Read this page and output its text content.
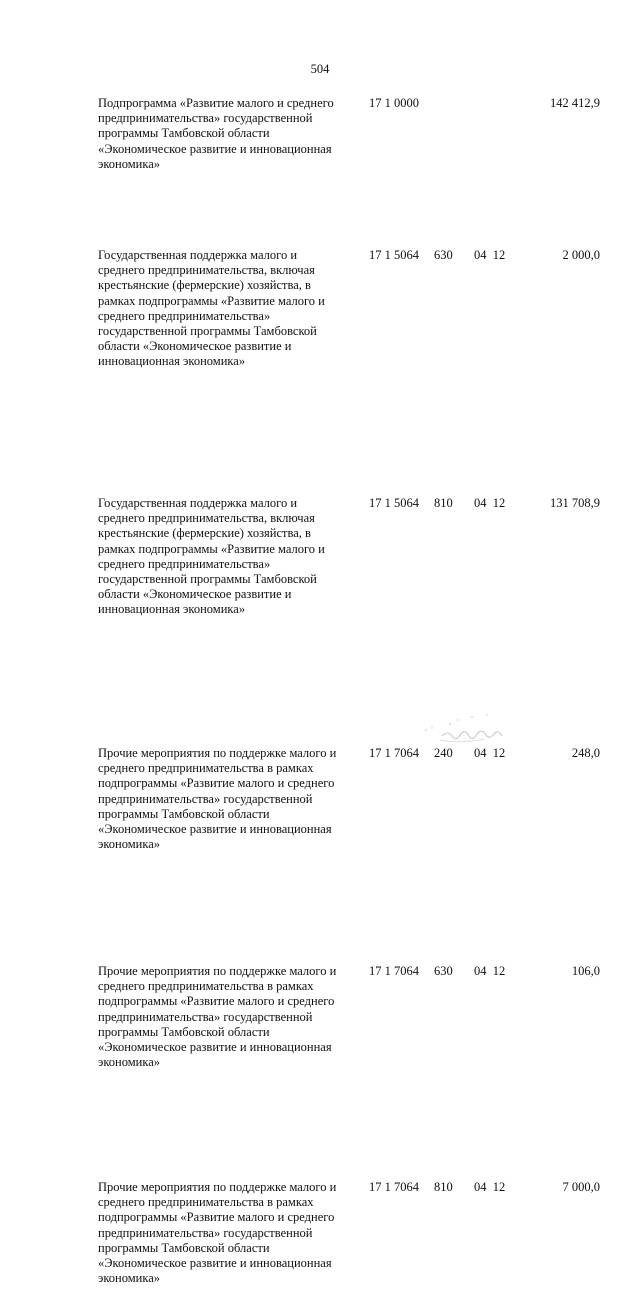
504
Подпрограмма «Развитие малого и среднего
предпринимательства» государственной
программы Тамбовской области
«Экономическое развитие и инновационная
экономика»
17 1 0000	142 412,9
Государственная поддержка малого и
среднего предпринимательства, включая
крестьянские (фермерские) хозяйства, в
рамках подпрограммы «Развитие малого и
среднего предпринимательства»
государственной программы Тамбовской
области «Экономическое развитие и
инновационная экономика»
17 1 5064 630 04  12	2 000,0
Государственная поддержка малого и
среднего предпринимательства, включая
крестьянские (фермерские) хозяйства, в
рамках подпрограммы «Развитие малого и
среднего предпринимательства»
государственной программы Тамбовской
области «Экономическое развитие и
инновационная экономика»
17 1 5064 810 04  12	131 708,9
Прочие мероприятия по поддержке малого и
среднего предпринимательства в рамках
подпрограммы «Развитие малого и среднего
предпринимательства» государственной
программы Тамбовской области
«Экономическое развитие и инновационная
экономика»
17 1 7064 240 04  12	248,0
Прочие мероприятия по поддержке малого и
среднего предпринимательства в рамках
подпрограммы «Развитие малого и среднего
предпринимательства» государственной
программы Тамбовской области
«Экономическое развитие и инновационная
экономика»
17 1 7064 630 04  12	106,0
Прочие мероприятия по поддержке малого и
среднего предпринимательства в рамках
подпрограммы «Развитие малого и среднего
предпринимательства» государственной
программы Тамбовской области
«Экономическое развитие и инновационная
экономика»
17 1 7064 810 04  12	7 000,0
